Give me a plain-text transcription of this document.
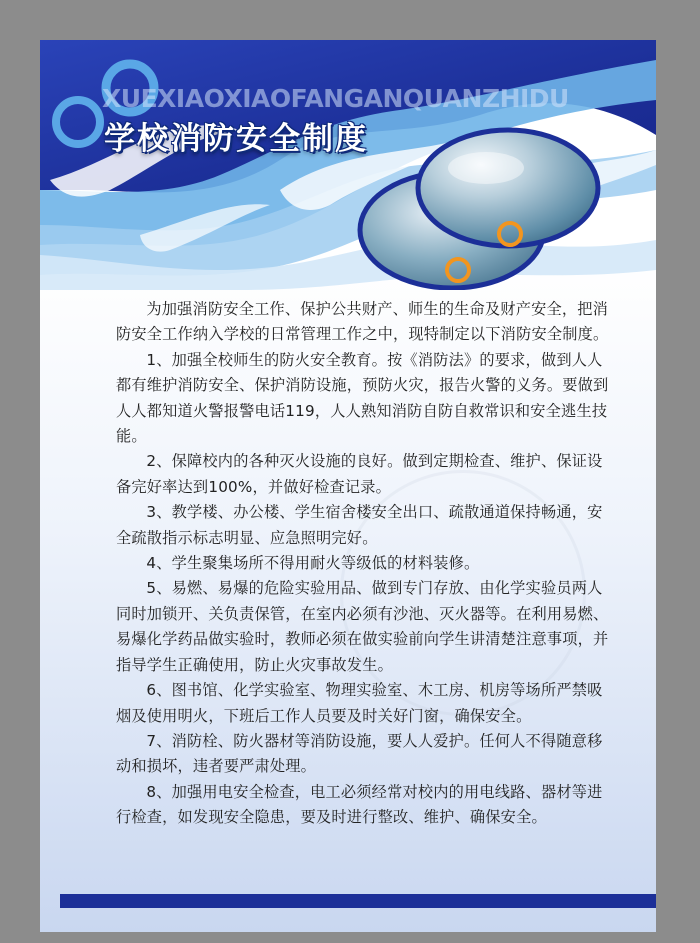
XUEXIAOXIAOFANGANQUANZHIDU
学校消防安全制度

为加强消防安全工作、保护公共财产、师生的生命及财产安全，把消防安全工作纳入学校的日常管理工作之中，现特制定以下消防安全制度。

1、加强全校师生的防火安全教育。按《消防法》的要求，做到人人都有维护消防安全、保护消防设施，预防火灾，报告火警的义务。要做到人人都知道火警报警电话119，人人熟知消防自防自救常识和安全逃生技能。

2、保障校内的各种灭火设施的良好。做到定期检查、维护、保证设备完好率达到100%，并做好检查记录。

3、教学楼、办公楼、学生宿舍楼安全出口、疏散通道保持畅通，安全疏散指示标志明显、应急照明完好。

4、学生聚集场所不得用耐火等级低的材料装修。

5、易燃、易爆的危险实验用品、做到专门存放、由化学实验员两人同时加锁开、关负责保管，在室内必须有沙池、灭火器等。在利用易燃、易爆化学药品做实验时，教师必须在做实验前向学生讲清楚注意事项，并指导学生正确使用，防止火灾事故发生。

6、图书馆、化学实验室、物理实验室、木工房、机房等场所严禁吸烟及使用明火，下班后工作人员要及时关好门窗，确保安全。

7、消防栓、防火器材等消防设施，要人人爱护。任何人不得随意移动和损坏，违者要严肃处理。

8、加强用电安全检查，电工必须经常对校内的用电线路、器材等进行检查，如发现安全隐患，要及时进行整改、维护、确保安全。
